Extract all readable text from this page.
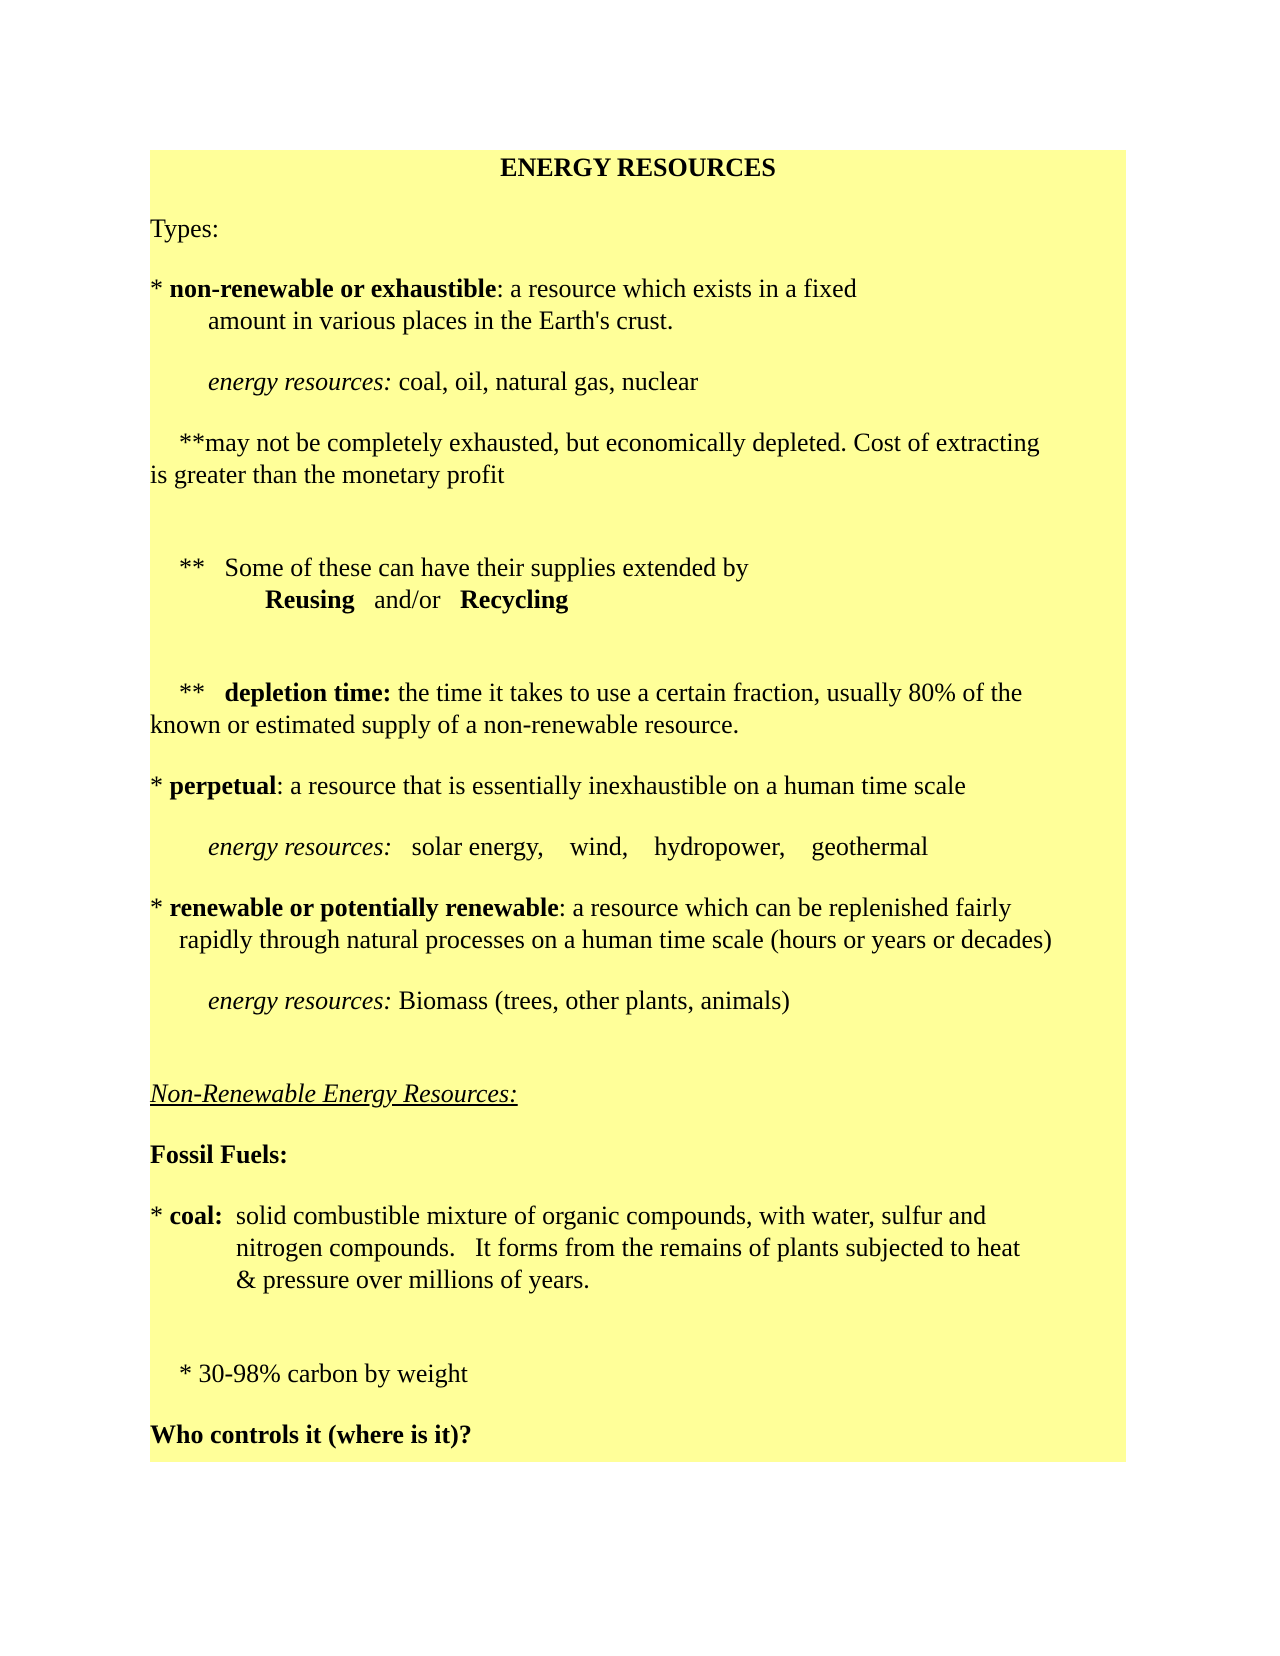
ENERGY RESOURCES

Types:

* non-renewable or exhaustible: a resource which exists in a fixed

amount in various places in the Earth's crust.

energy resources: coal, oil, natural gas, nuclear

**may not be completely exhausted, but economically depleted. Cost of extracting

is greater than the monetary profit

**   Some of these can have their supplies extended by

Reusing   and/or   Recycling

**   depletion time: the time it takes to use a certain fraction, usually 80% of the

known or estimated supply of a non-renewable resource.

* perpetual: a resource that is essentially inexhaustible on a human time scale

energy resources:   solar energy,    wind,    hydropower,    geothermal

* renewable or potentially renewable: a resource which can be replenished fairly

rapidly through natural processes on a human time scale (hours or years or decades)

energy resources: Biomass (trees, other plants, animals)

Non-Renewable Energy Resources:

Fossil Fuels:

* coal:  solid combustible mixture of organic compounds, with water, sulfur and

nitrogen compounds.   It forms from the remains of plants subjected to heat

& pressure over millions of years.

* 30-98% carbon by weight

Who controls it (where is it)?
